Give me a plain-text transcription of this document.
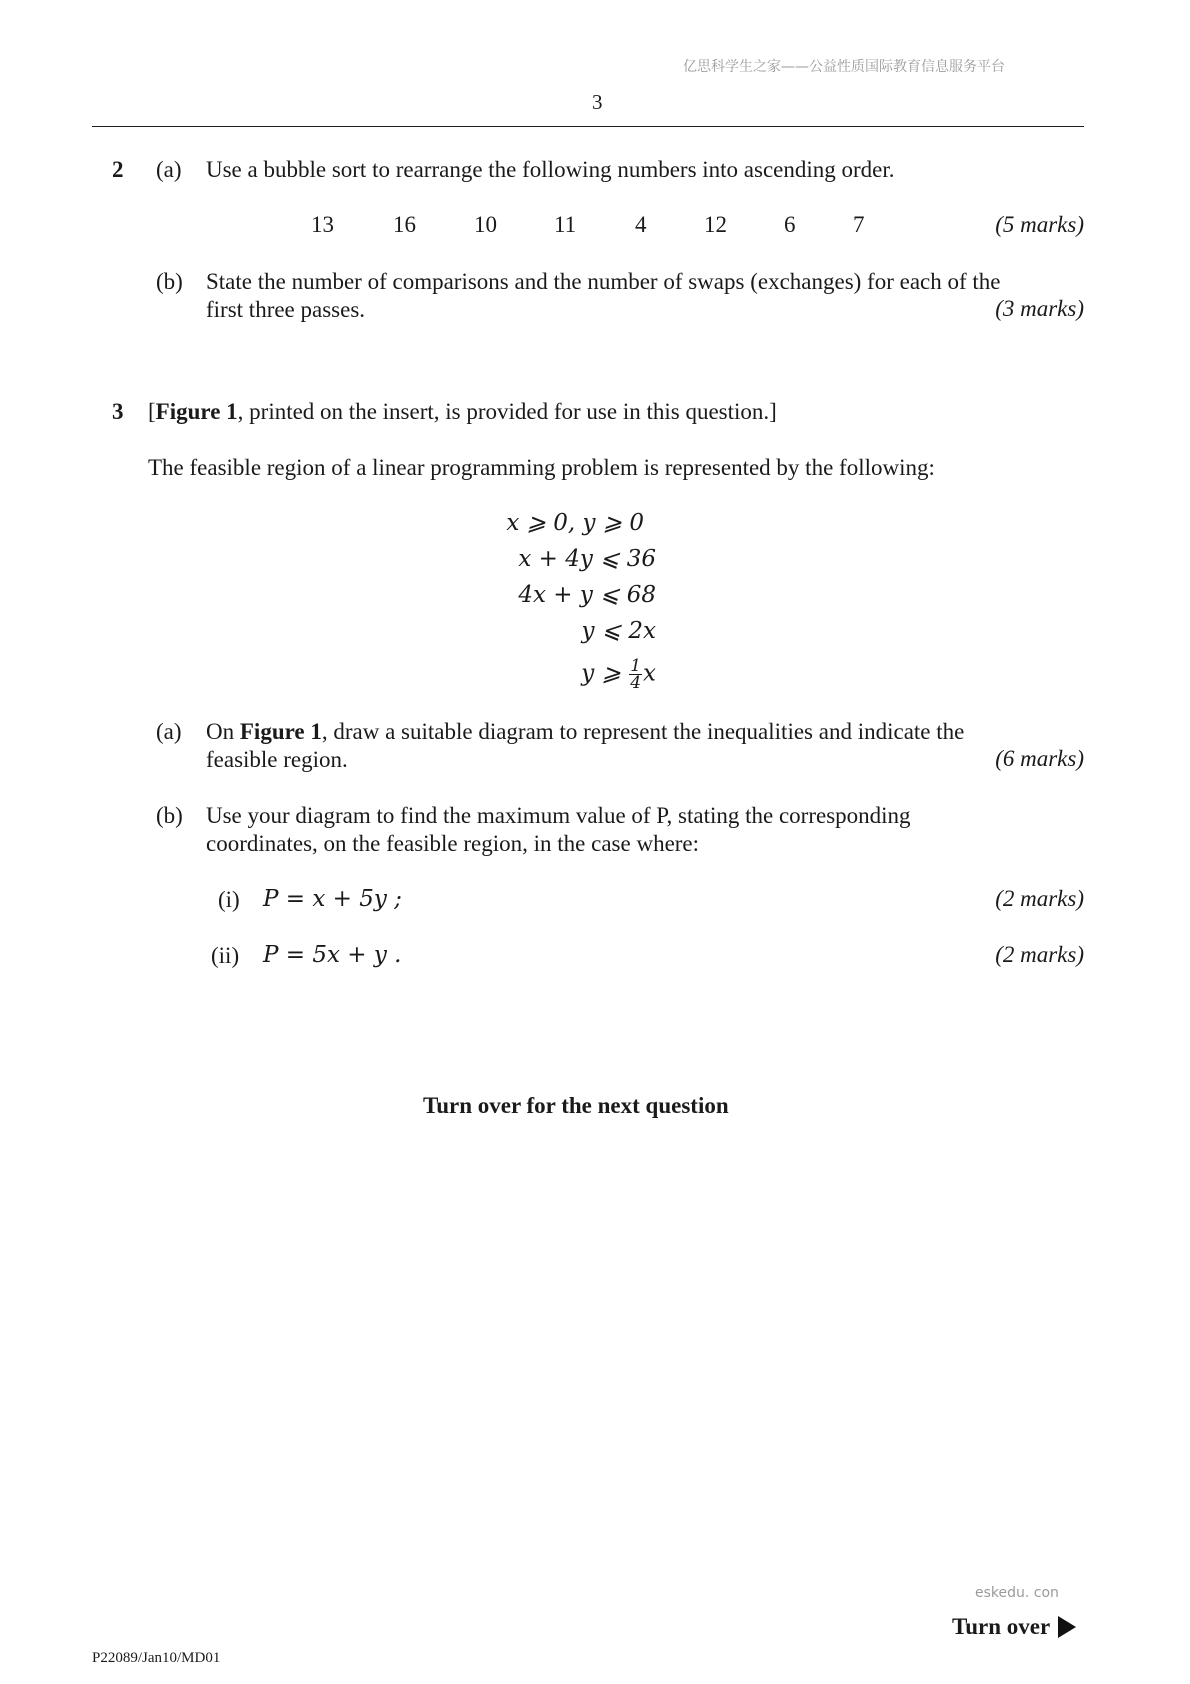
亿思科学生之家——公益性质国际教育信息服务平台
3
2 (a) Use a bubble sort to rearrange the following numbers into ascending order.
13	16	10 11	4	12 6	7	(5 marks)
(b) State the number of comparisons and the number of swaps (exchanges) for each of the
first three passes.	(3 marks)
3 [Figure 1, printed on the insert, is provided for use in this question.]
The feasible region of a linear programming problem is represented by the following:
x ⩾ 0, y ⩾ 0
x + 4y ⩽ 36
4x + y ⩽ 68
y ⩽ 2x
y ⩾ $\frac{1}{4}$ x
(a) On Figure 1, draw a suitable diagram to represent the inequalities and indicate the
feasible region.	(6 marks)
(b) Use your diagram to find the maximum value of P, stating the corresponding
coordinates, on the feasible region, in the case where:
(i) P = x + 5y ;	(2 marks)
(ii) P = 5x + y .	(2 marks)
Turn over for the next question
eskedu. con
Turn over
P22089/Jan10/MD01
